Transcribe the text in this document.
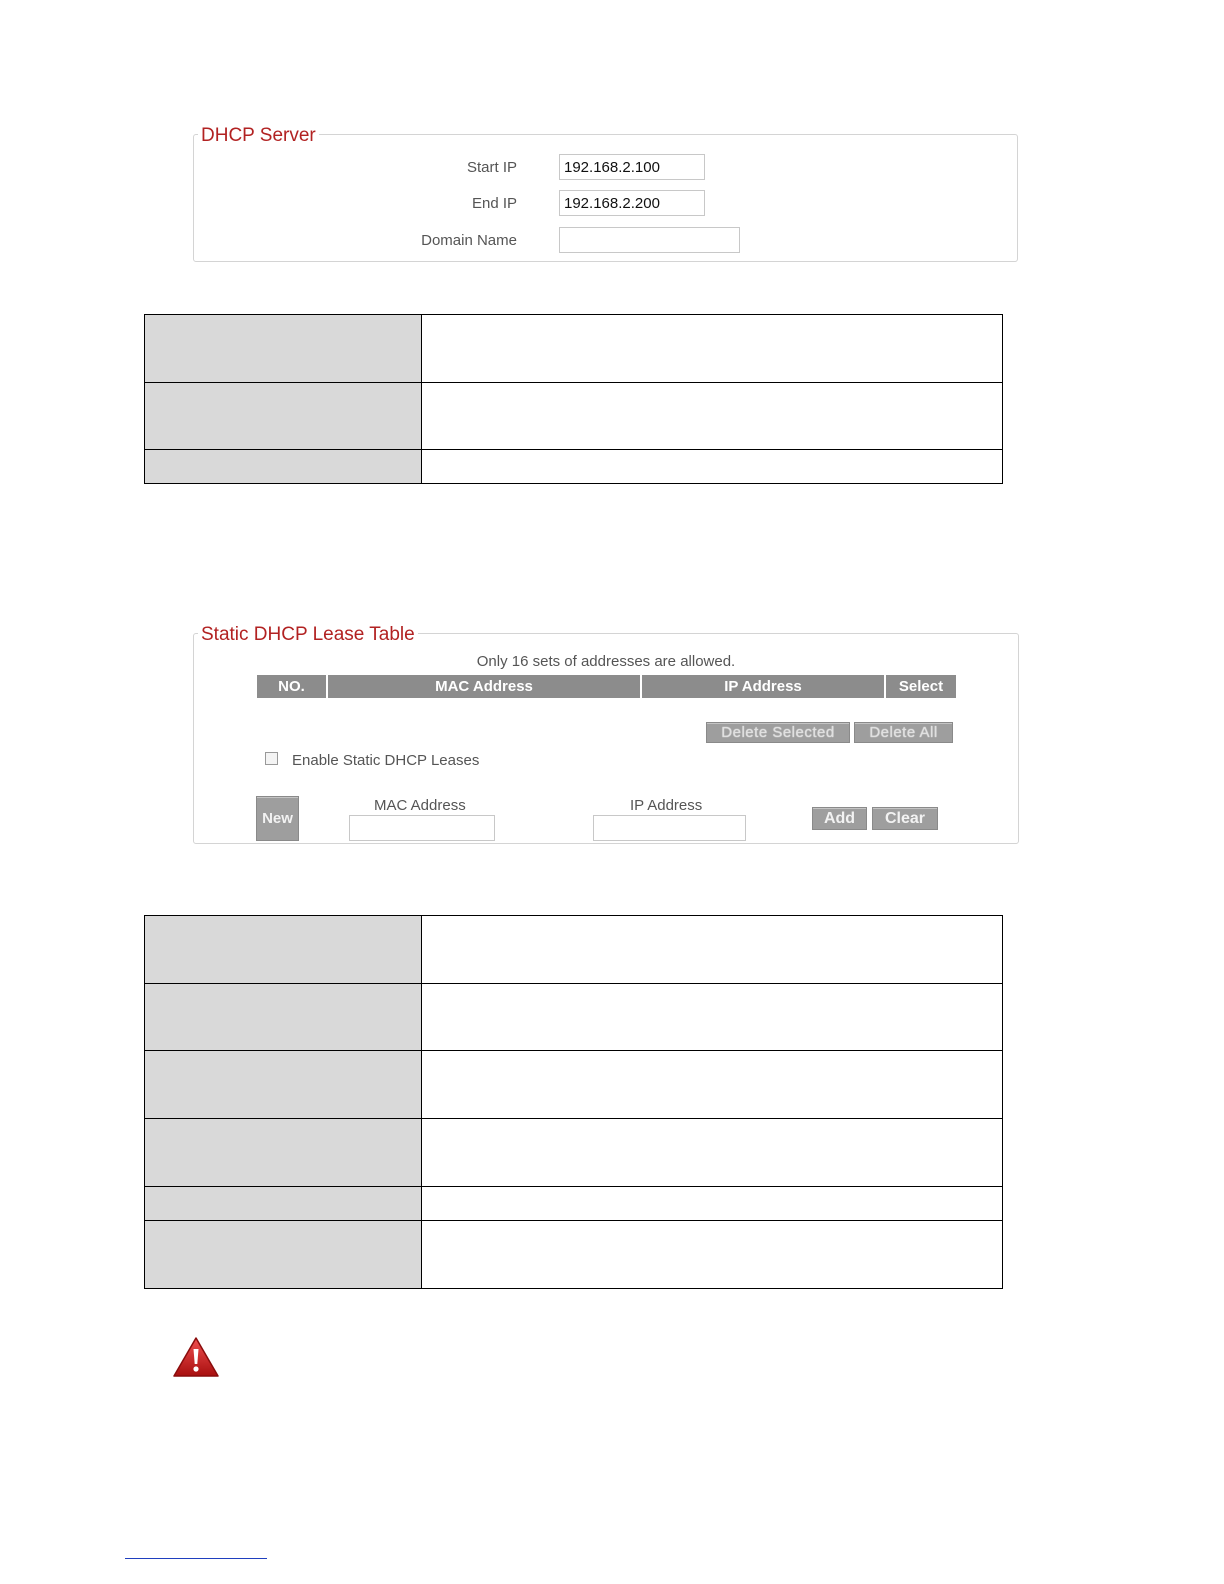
DHCP Server
Start IP
192.168.2.100
End IP
192.168.2.200
Domain Name

Static DHCP Lease Table
Only 16 sets of addresses are allowed.
NO.	MAC Address	IP Address	Select
Delete Selected	Delete All
Enable Static DHCP Leases
New
MAC Address	IP Address
Add	Clear
